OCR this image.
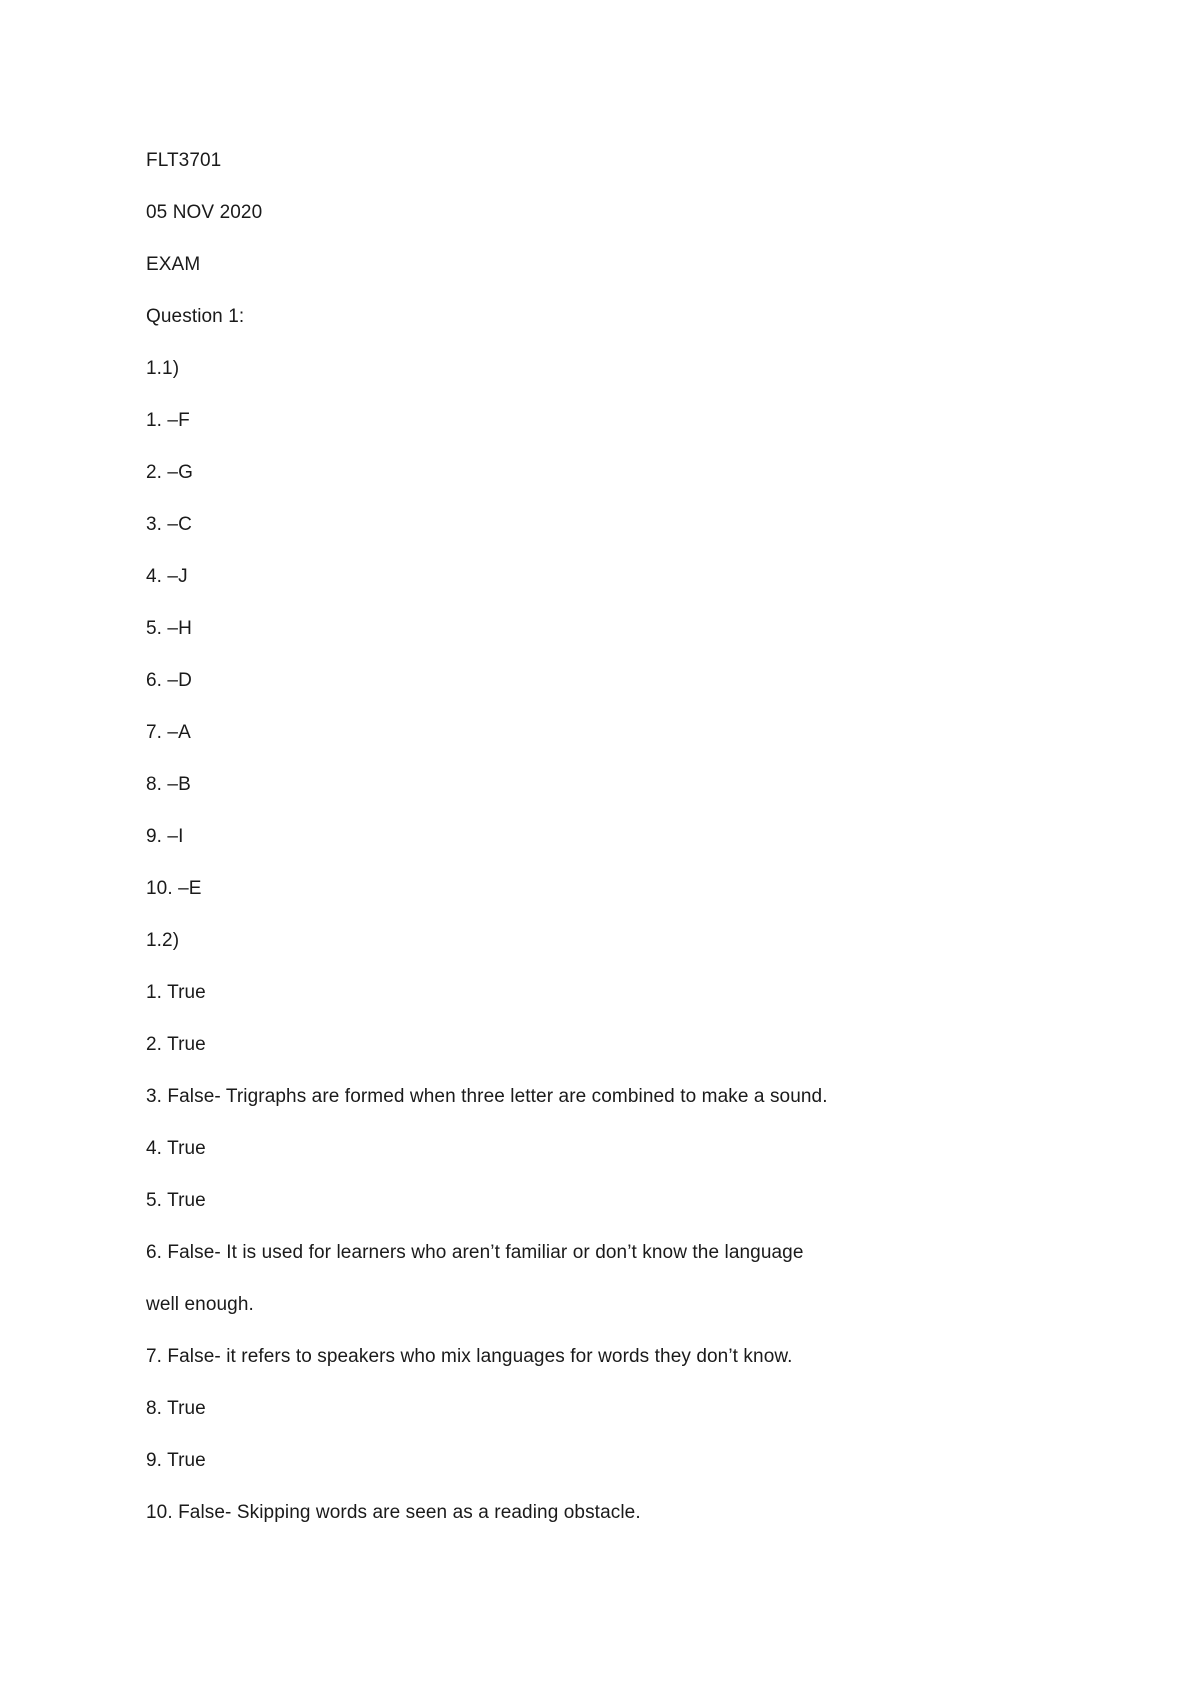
FLT3701

05 NOV 2020

EXAM

Question 1:

1.1)

1. –F

2. –G

3. –C

4. –J

5. –H

6. –D

7. –A

8. –B

9. –I

10. –E

1.2)

1. True

2. True

3. False- Trigraphs are formed when three letter are combined to make a sound.

4. True

5. True

6. False- It is used for learners who aren’t familiar or don’t know the language

well enough.

7. False- it refers to speakers who mix languages for words they don’t know.

8. True

9. True

10. False- Skipping words are seen as a reading obstacle.
